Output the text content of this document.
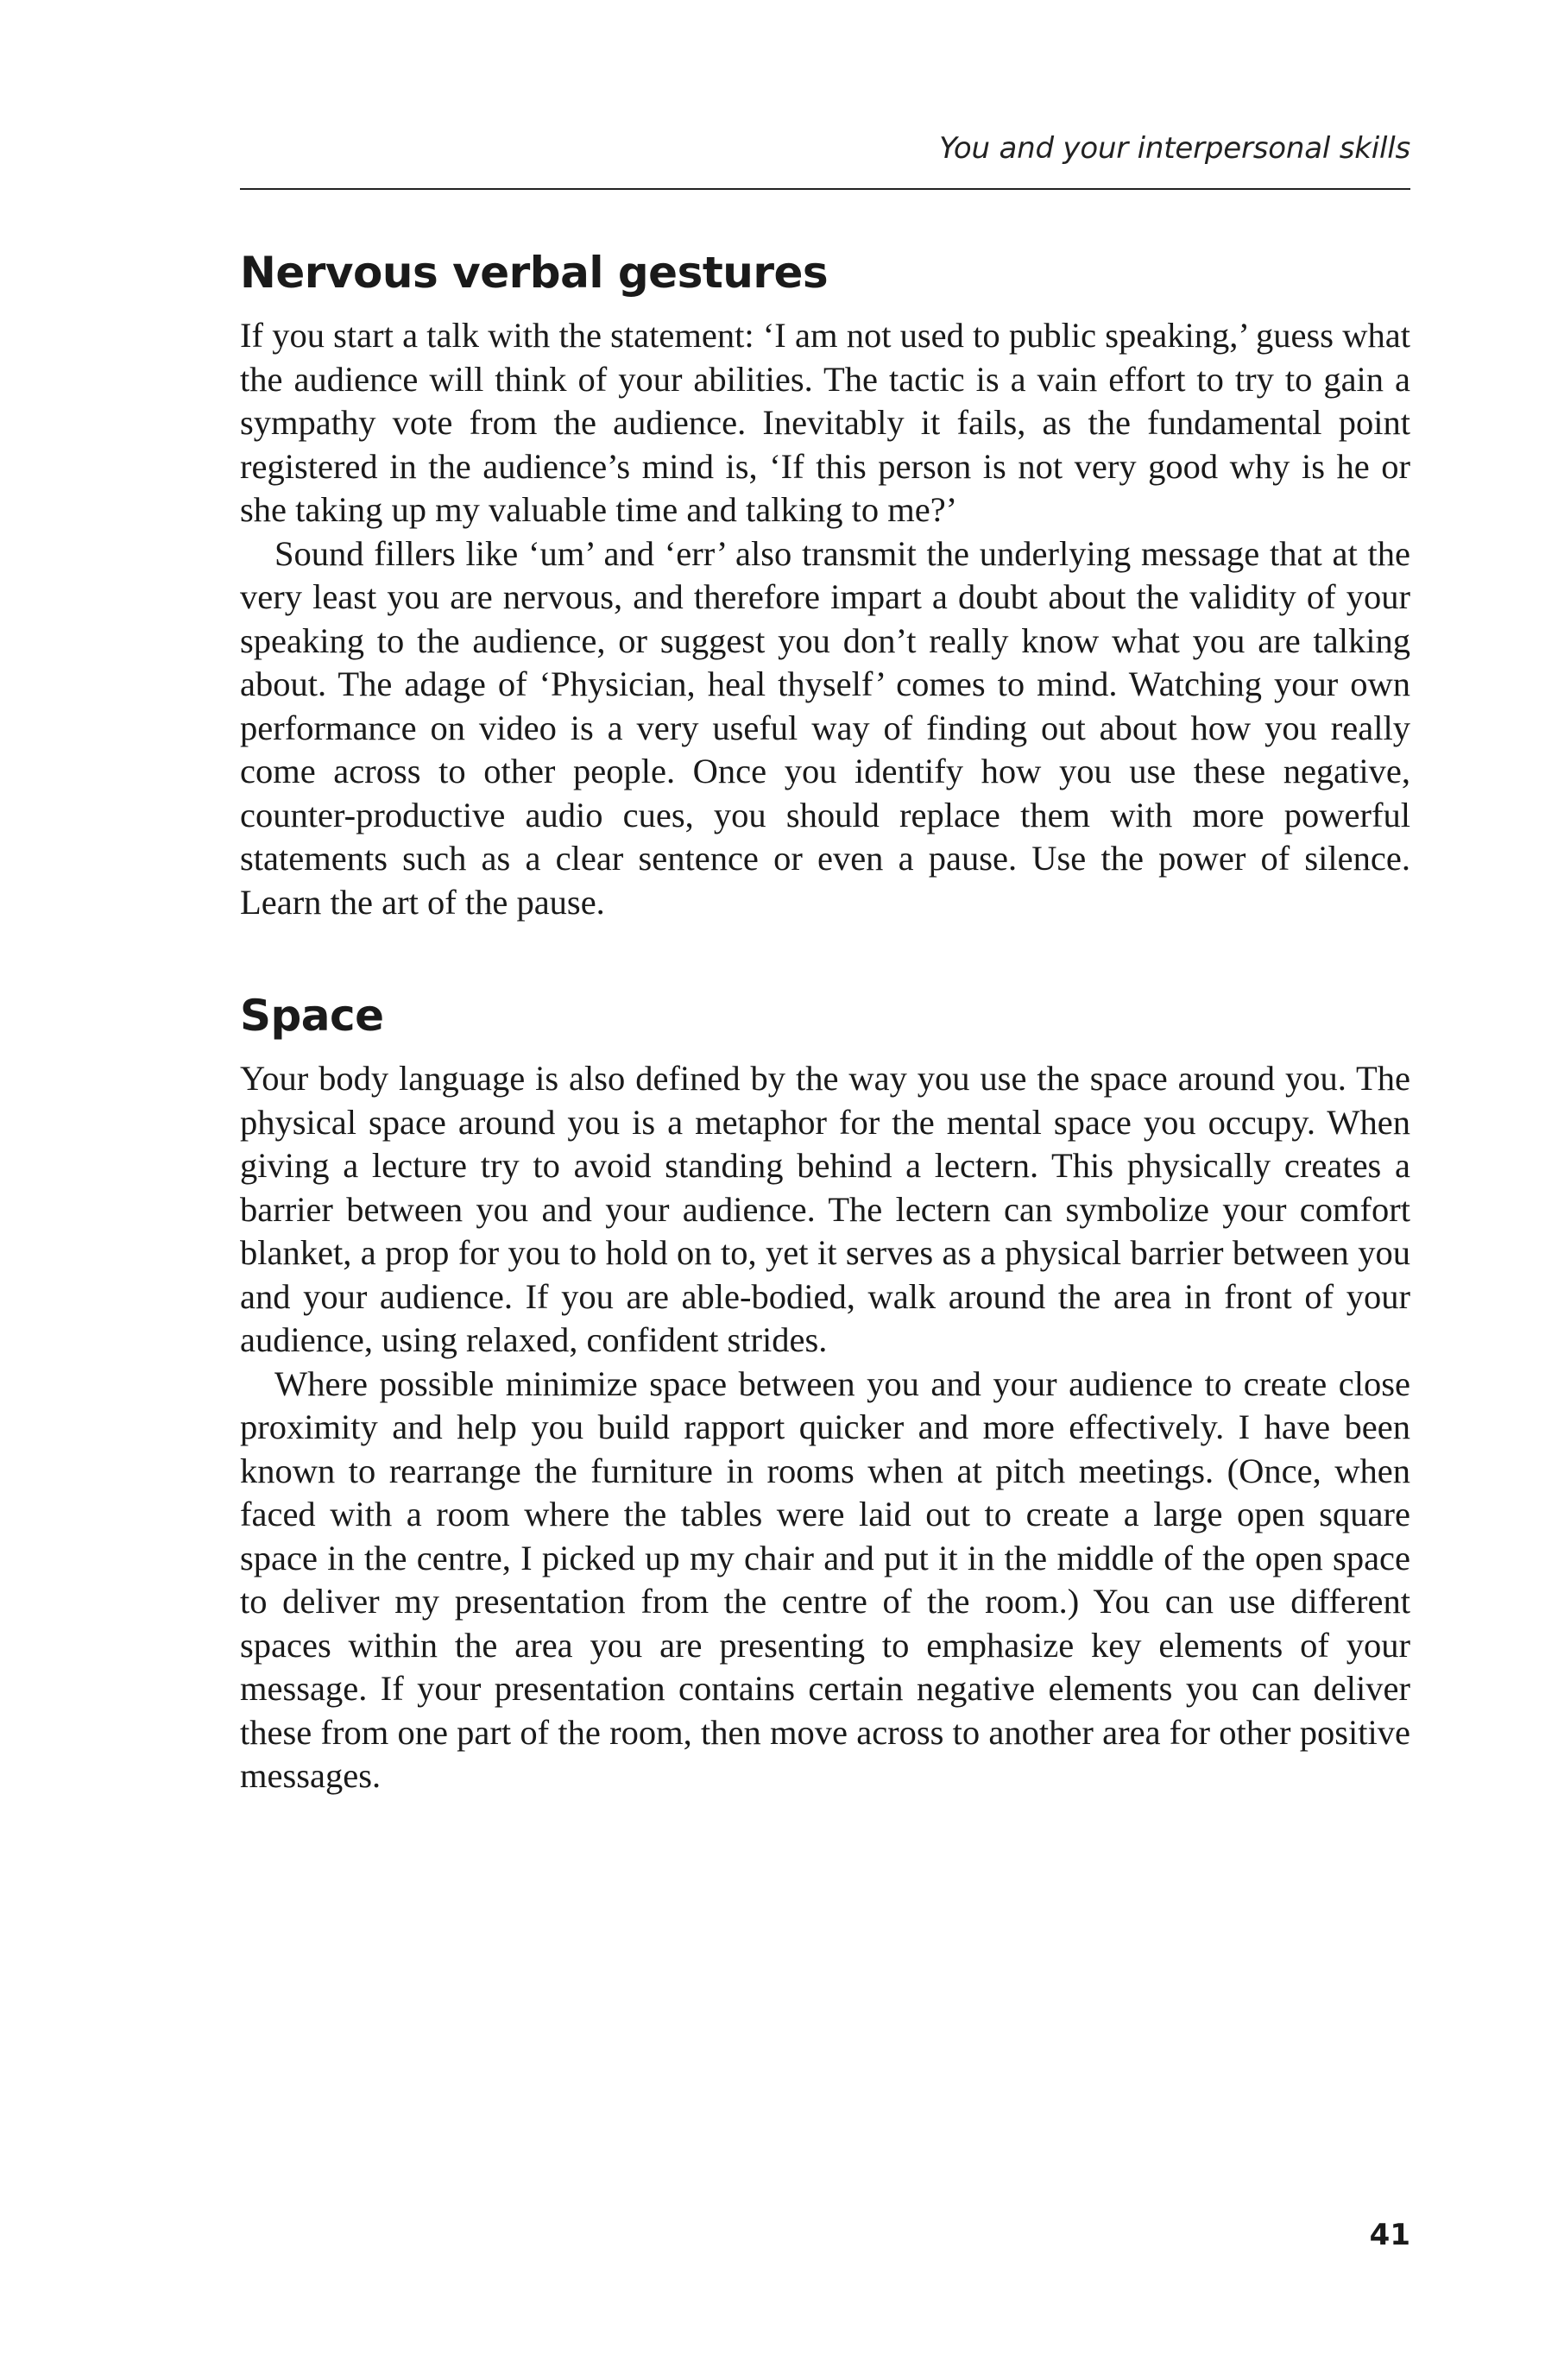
You and your interpersonal skills
Nervous verbal gestures

If you start a talk with the statement: ‘I am not used to public speaking,’ guess what the audience will think of your abilities. The tactic is a vain effort to try to gain a sympathy vote from the audience. Inevitably it fails, as the fundamental point registered in the audience’s mind is, ‘If this person is not very good why is he or she taking up my valuable time and talking to me?’

Sound fillers like ‘um’ and ‘err’ also transmit the underlying message that at the very least you are nervous, and therefore impart a doubt about the validity of your speaking to the audience, or suggest you don’t really know what you are talking about. The adage of ‘Physician, heal thyself’ comes to mind. Watching your own performance on video is a very useful way of finding out about how you really come across to other people. Once you identify how you use these negative, counter-productive audio cues, you should replace them with more powerful statements such as a clear sentence or even a pause. Use the power of silence. Learn the art of the pause.

Space

Your body language is also defined by the way you use the space around you. The physical space around you is a metaphor for the mental space you occupy. When giving a lecture try to avoid standing behind a lectern. This physically creates a barrier between you and your audience. The lectern can symbolize your comfort blanket, a prop for you to hold on to, yet it serves as a physical barrier between you and your audience. If you are able-bodied, walk around the area in front of your audience, using relaxed, confident strides.

Where possible minimize space between you and your audience to create close proximity and help you build rapport quicker and more effectively. I have been known to rearrange the furniture in rooms when at pitch meetings. (Once, when faced with a room where the tables were laid out to create a large open square space in the centre, I picked up my chair and put it in the middle of the open space to deliver my presentation from the centre of the room.) You can use different spaces within the area you are presenting to emphasize key elements of your message. If your presentation contains certain negative elements you can deliver these from one part of the room, then move across to another area for other positive messages.

41
